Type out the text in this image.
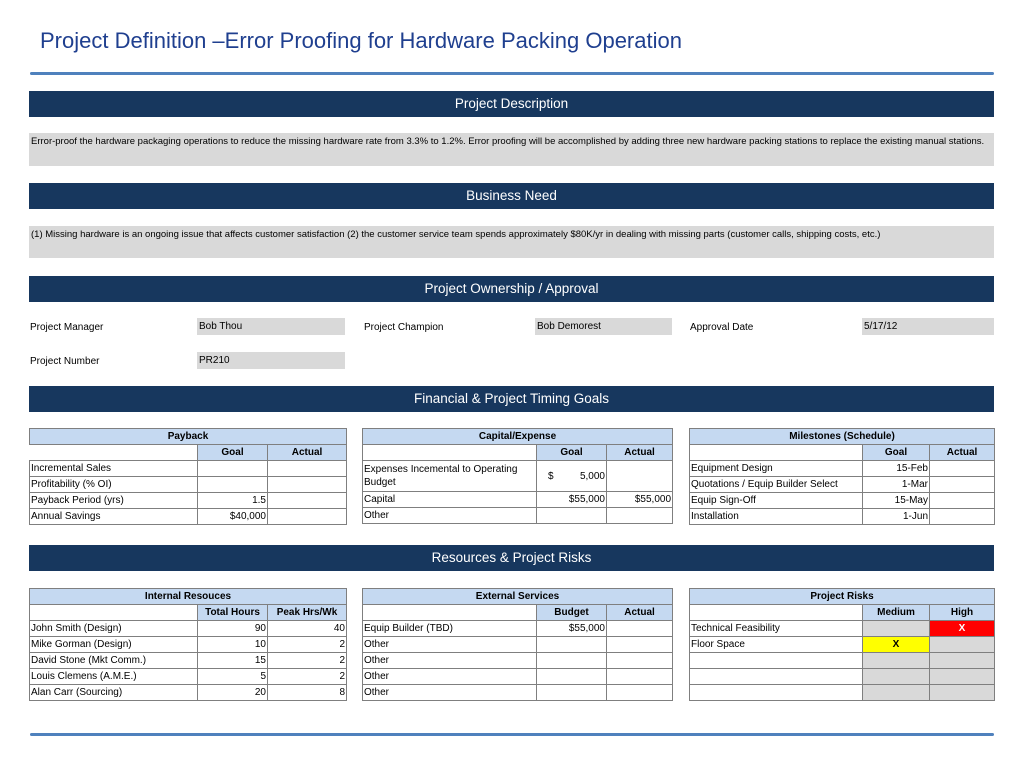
Project Definition –Error Proofing for Hardware Packing Operation
Project Description
Error-proof the hardware packaging operations to reduce the missing hardware rate from 3.3% to 1.2%. Error proofing will be accomplished by adding three new hardware packing stations to replace the existing manual stations.
Business Need
(1) Missing hardware is an ongoing issue that affects customer satisfaction (2) the customer service team spends approximately $80K/yr in dealing with missing parts (customer calls, shipping costs, etc.)
Project Ownership / Approval
Project Manager	Bob Thou	Project Champion	Bob Demorest	Approval Date	5/17/12
Project Number	PR210
Financial & Project Timing Goals
Payback		
	Goal	Actual
Incremental Sales		
Profitability (% OI)		
Payback Period (yrs)	1.5	
Annual Savings	$40,000	
Capital/Expense		
	Goal	Actual
Expenses Incemental to Operating Budget	$ 5,000	

Capital	$55,000	$55,000
Other		
Milestones (Schedule)		
	Goal	Actual
Equipment Design	15-Feb	
Quotations / Equip Builder Select	1-Mar	
Equip Sign-Off	15-May	
Installation	1-Jun	
Resources & Project Risks
Internal Resouces		
	Total Hours	Peak Hrs/Wk
John Smith (Design)	90	40
Mike Gorman (Design)	10	2
David Stone (Mkt Comm.)	15	2
Louis Clemens (A.M.E.)	5	2
Alan Carr (Sourcing)	20	8
External Services		
	Budget	Actual
Equip Builder (TBD)	$55,000	
Other		
Other		
Other		
Other		
Project Risks		
	Medium	High
Technical Feasibility		X
Floor Space	X	
